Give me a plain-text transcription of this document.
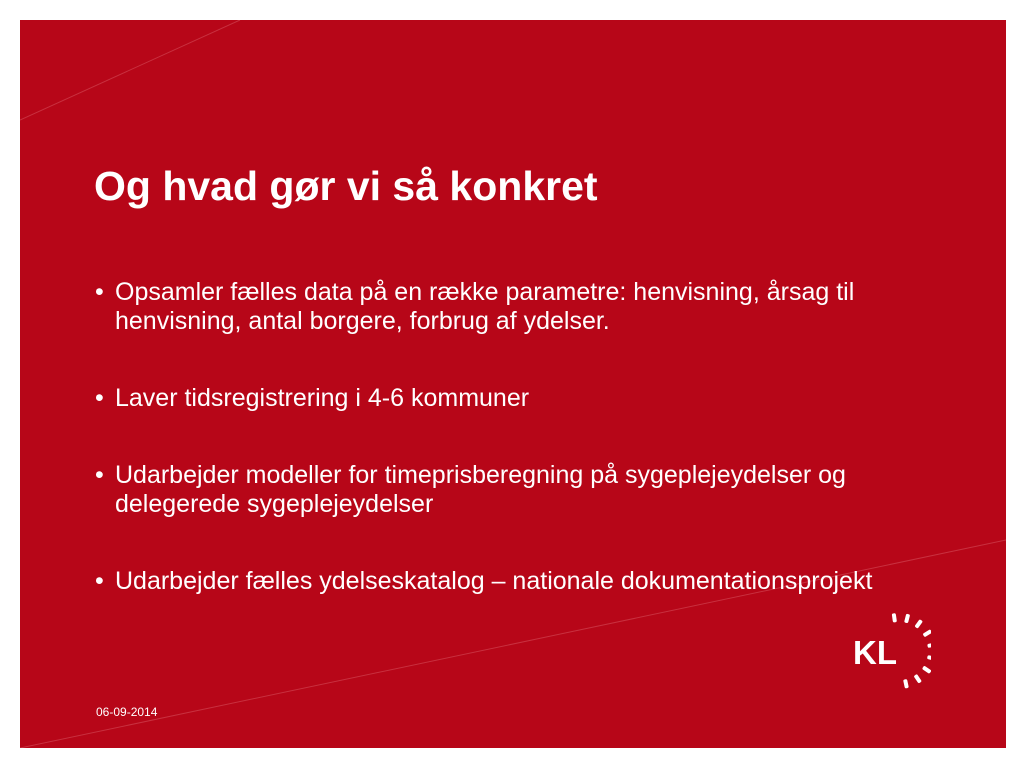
Og hvad gør vi så konkret
• Opsamler fælles data på en række parametre: henvisning, årsag til henvisning, antal borgere, forbrug af ydelser.
• Laver tidsregistrering i 4-6 kommuner
• Udarbejder modeller for timeprisberegning på sygeplejeydelser og delegerede sygeplejeydelser
• Udarbejder fælles ydelseskatalog – nationale dokumentationsprojekt
06-09-2014
KL
